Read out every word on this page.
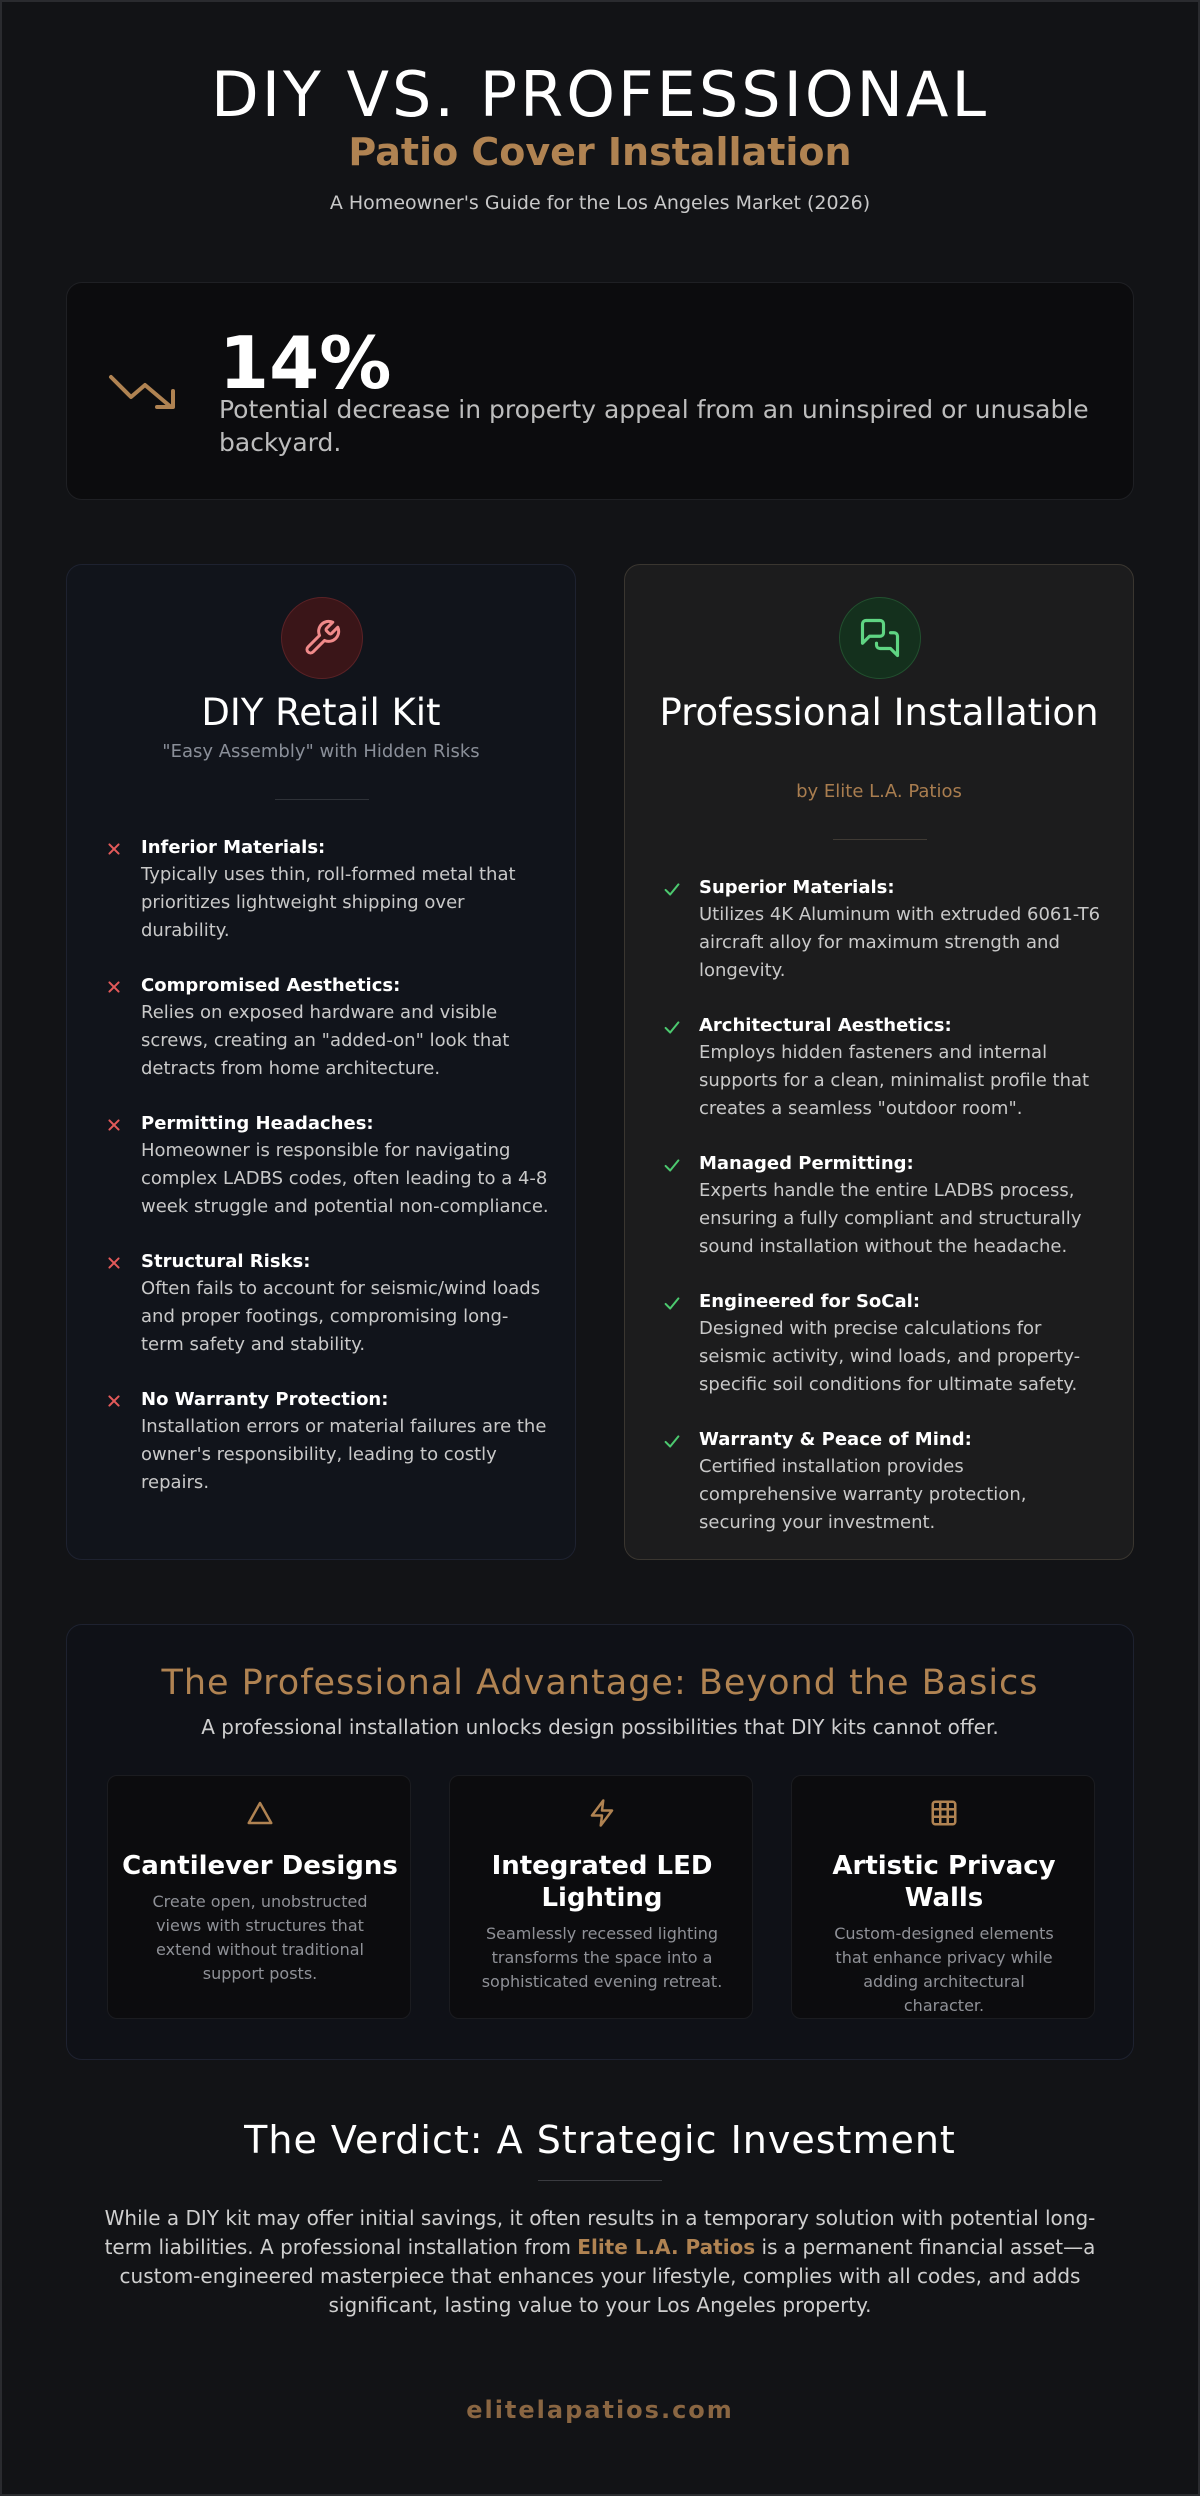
DIY VS. PROFESSIONAL
Patio Cover Installation
A Homeowner's Guide for the Los Angeles Market (2026)
14%
Potential decrease in property appeal from an uninspired or unusable backyard.
DIY Retail Kit
"Easy Assembly" with Hidden Risks
Inferior Materials:
Typically uses thin, roll-formed metal that prioritizes lightweight shipping over durability.
Compromised Aesthetics:
Relies on exposed hardware and visible screws, creating an "added-on" look that detracts from home architecture.
Permitting Headaches:
Homeowner is responsible for navigating complex LADBS codes, often leading to a 4-8 week struggle and potential non-compliance.
Structural Risks:
Often fails to account for seismic/wind loads and proper footings, compromising long-term safety and stability.
No Warranty Protection:
Installation errors or material failures are the owner's responsibility, leading to costly repairs.
Professional Installation
by Elite L.A. Patios
Superior Materials:
Utilizes 4K Aluminum with extruded 6061-T6 aircraft alloy for maximum strength and longevity.
Architectural Aesthetics:
Employs hidden fasteners and internal supports for a clean, minimalist profile that creates a seamless "outdoor room".
Managed Permitting:
Experts handle the entire LADBS process, ensuring a fully compliant and structurally sound installation without the headache.
Engineered for SoCal:
Designed with precise calculations for seismic activity, wind loads, and property-specific soil conditions for ultimate safety.
Warranty & Peace of Mind:
Certified installation provides comprehensive warranty protection, securing your investment.
The Professional Advantage: Beyond the Basics
A professional installation unlocks design possibilities that DIY kits cannot offer.
Cantilever Designs
Create open, unobstructed views with structures that extend without traditional support posts.
Integrated LED Lighting
Seamlessly recessed lighting transforms the space into a sophisticated evening retreat.
Artistic Privacy Walls
Custom-designed elements that enhance privacy while adding architectural character.
The Verdict: A Strategic Investment
While a DIY kit may offer initial savings, it often results in a temporary solution with potential long-term liabilities. A professional installation from Elite L.A. Patios is a permanent financial asset—a custom-engineered masterpiece that enhances your lifestyle, complies with all codes, and adds significant, lasting value to your Los Angeles property.
elitelapatios.com
